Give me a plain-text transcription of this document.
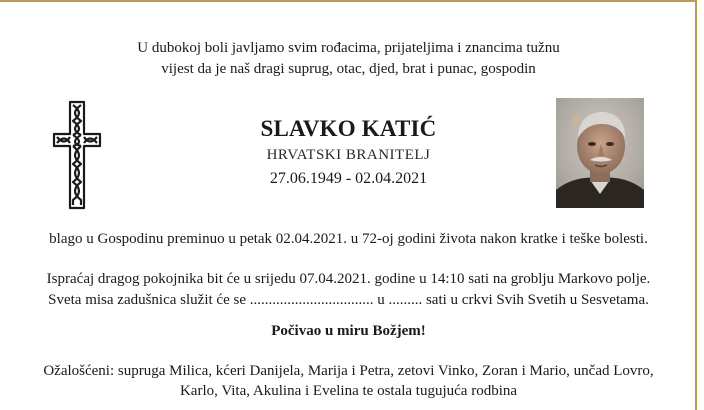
U dubokoj boli javljamo svim rođacima, prijateljima i znancima tužnu
vijest da je naš dragi suprug, otac, djed, brat i punac, gospodin
SLAVKO KATIĆ
HRVATSKI BRANITELJ
27.06.1949 - 02.04.2021
blago u Gospodinu preminuo u petak 02.04.2021. u 72-oj godini života nakon kratke i teške bolesti.
Ispraćaj dragog pokojnika bit će u srijedu 07.04.2021. godine u 14:10 sati na groblju Markovo polje.
Sveta misa zadušnica služit će se ................................. u ......... sati u crkvi Svih Svetih u Sesvetama.
Počivao u miru Božjem!
Ožalošćeni: supruga Milica, kćeri Danijela, Marija i Petra, zetovi Vinko, Zoran i Mario, unčad Lovro,
Karlo, Vita, Akulina i Evelina te ostala tugujuća rodbina
